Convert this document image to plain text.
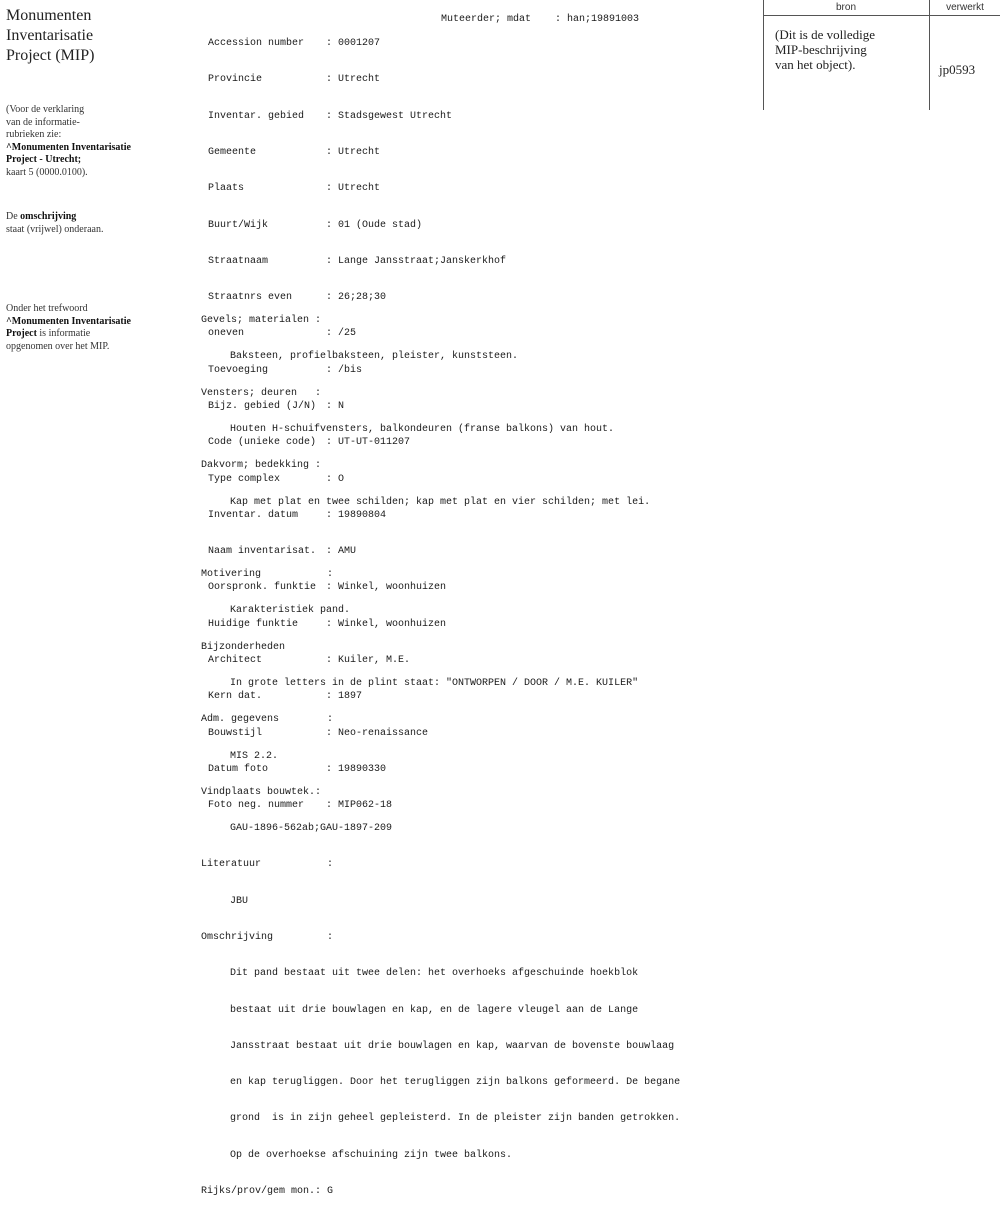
Monumenten
Inventarisatie
Project (MIP)
(Voor de verklaring
van de informatie-
rubrieken zie:
^Monumenten Inventarisatie
Project - Utrecht;
kaart 5 (0000.0100).
De omschrijving
staat (vrijwel) onderaan.
Onder het trefwoord
^Monumenten Inventarisatie
Project is informatie
opgenomen over het MIP.

Accession number	: 0001207

Provincie	: Utrecht

Inventar. gebied	: Stadsgewest Utrecht

Gemeente	: Utrecht

Plaats	: Utrecht

Buurt/Wijk	: 01 (Oude stad)

Straatnaam	: Lange Jansstraat;Janskerkhof

Straatnrs even	: 26;28;30

oneven	: /25

Toevoeging	: /bis

Bijz. gebied (J/N) : N

Code (unieke code) : UT-UT-011207

Type complex	: O

Inventar. datum	: 19890804

Naam inventarisat. : AMU

Oorspronk. funktie : Winkel, woonhuizen

Huidige funktie	: Winkel, woonhuizen

Architect	: Kuiler, M.E.

Kern dat.	: 1897

Bouwstijl	: Neo-renaissance

Datum foto	: 19890330

Foto neg. nummer	: MIP062-18

Muteerder; mdat    : han;19891003

Gevels; materialen :

Baksteen, profielbaksteen, pleister, kunststeen.

Vensters; deuren   :

Houten H-schuifvensters, balkondeuren (franse balkons) van hout.

Dakvorm; bedekking :

Kap met plat en twee schilden; kap met plat en vier schilden; met lei.

Motivering           :

Karakteristiek pand.

Bijzonderheden

In grote letters in de plint staat: "ONTWORPEN / DOOR / M.E. KUILER"

Adm. gegevens        :

MIS 2.2.

Vindplaats bouwtek.:

GAU-1896-562ab;GAU-1897-209

Literatuur           :

JBU

Omschrijving         :

Dit pand bestaat uit twee delen: het overhoeks afgeschuinde hoekblok

bestaat uit drie bouwlagen en kap, en de lagere vleugel aan de Lange

Jansstraat bestaat uit drie bouwlagen en kap, waarvan de bovenste bouwlaag

en kap terugliggen. Door het terugliggen zijn balkons geformeerd. De begane

grond  is in zijn geheel gepleisterd. In de pleister zijn banden getrokken.

Op de overhoekse afschuining zijn twee balkons.

Rijks/prov/gem mon.: G

bron	verwerkt
(Dit is de volledige
MIP-beschrijving
van het object).	jp0593
